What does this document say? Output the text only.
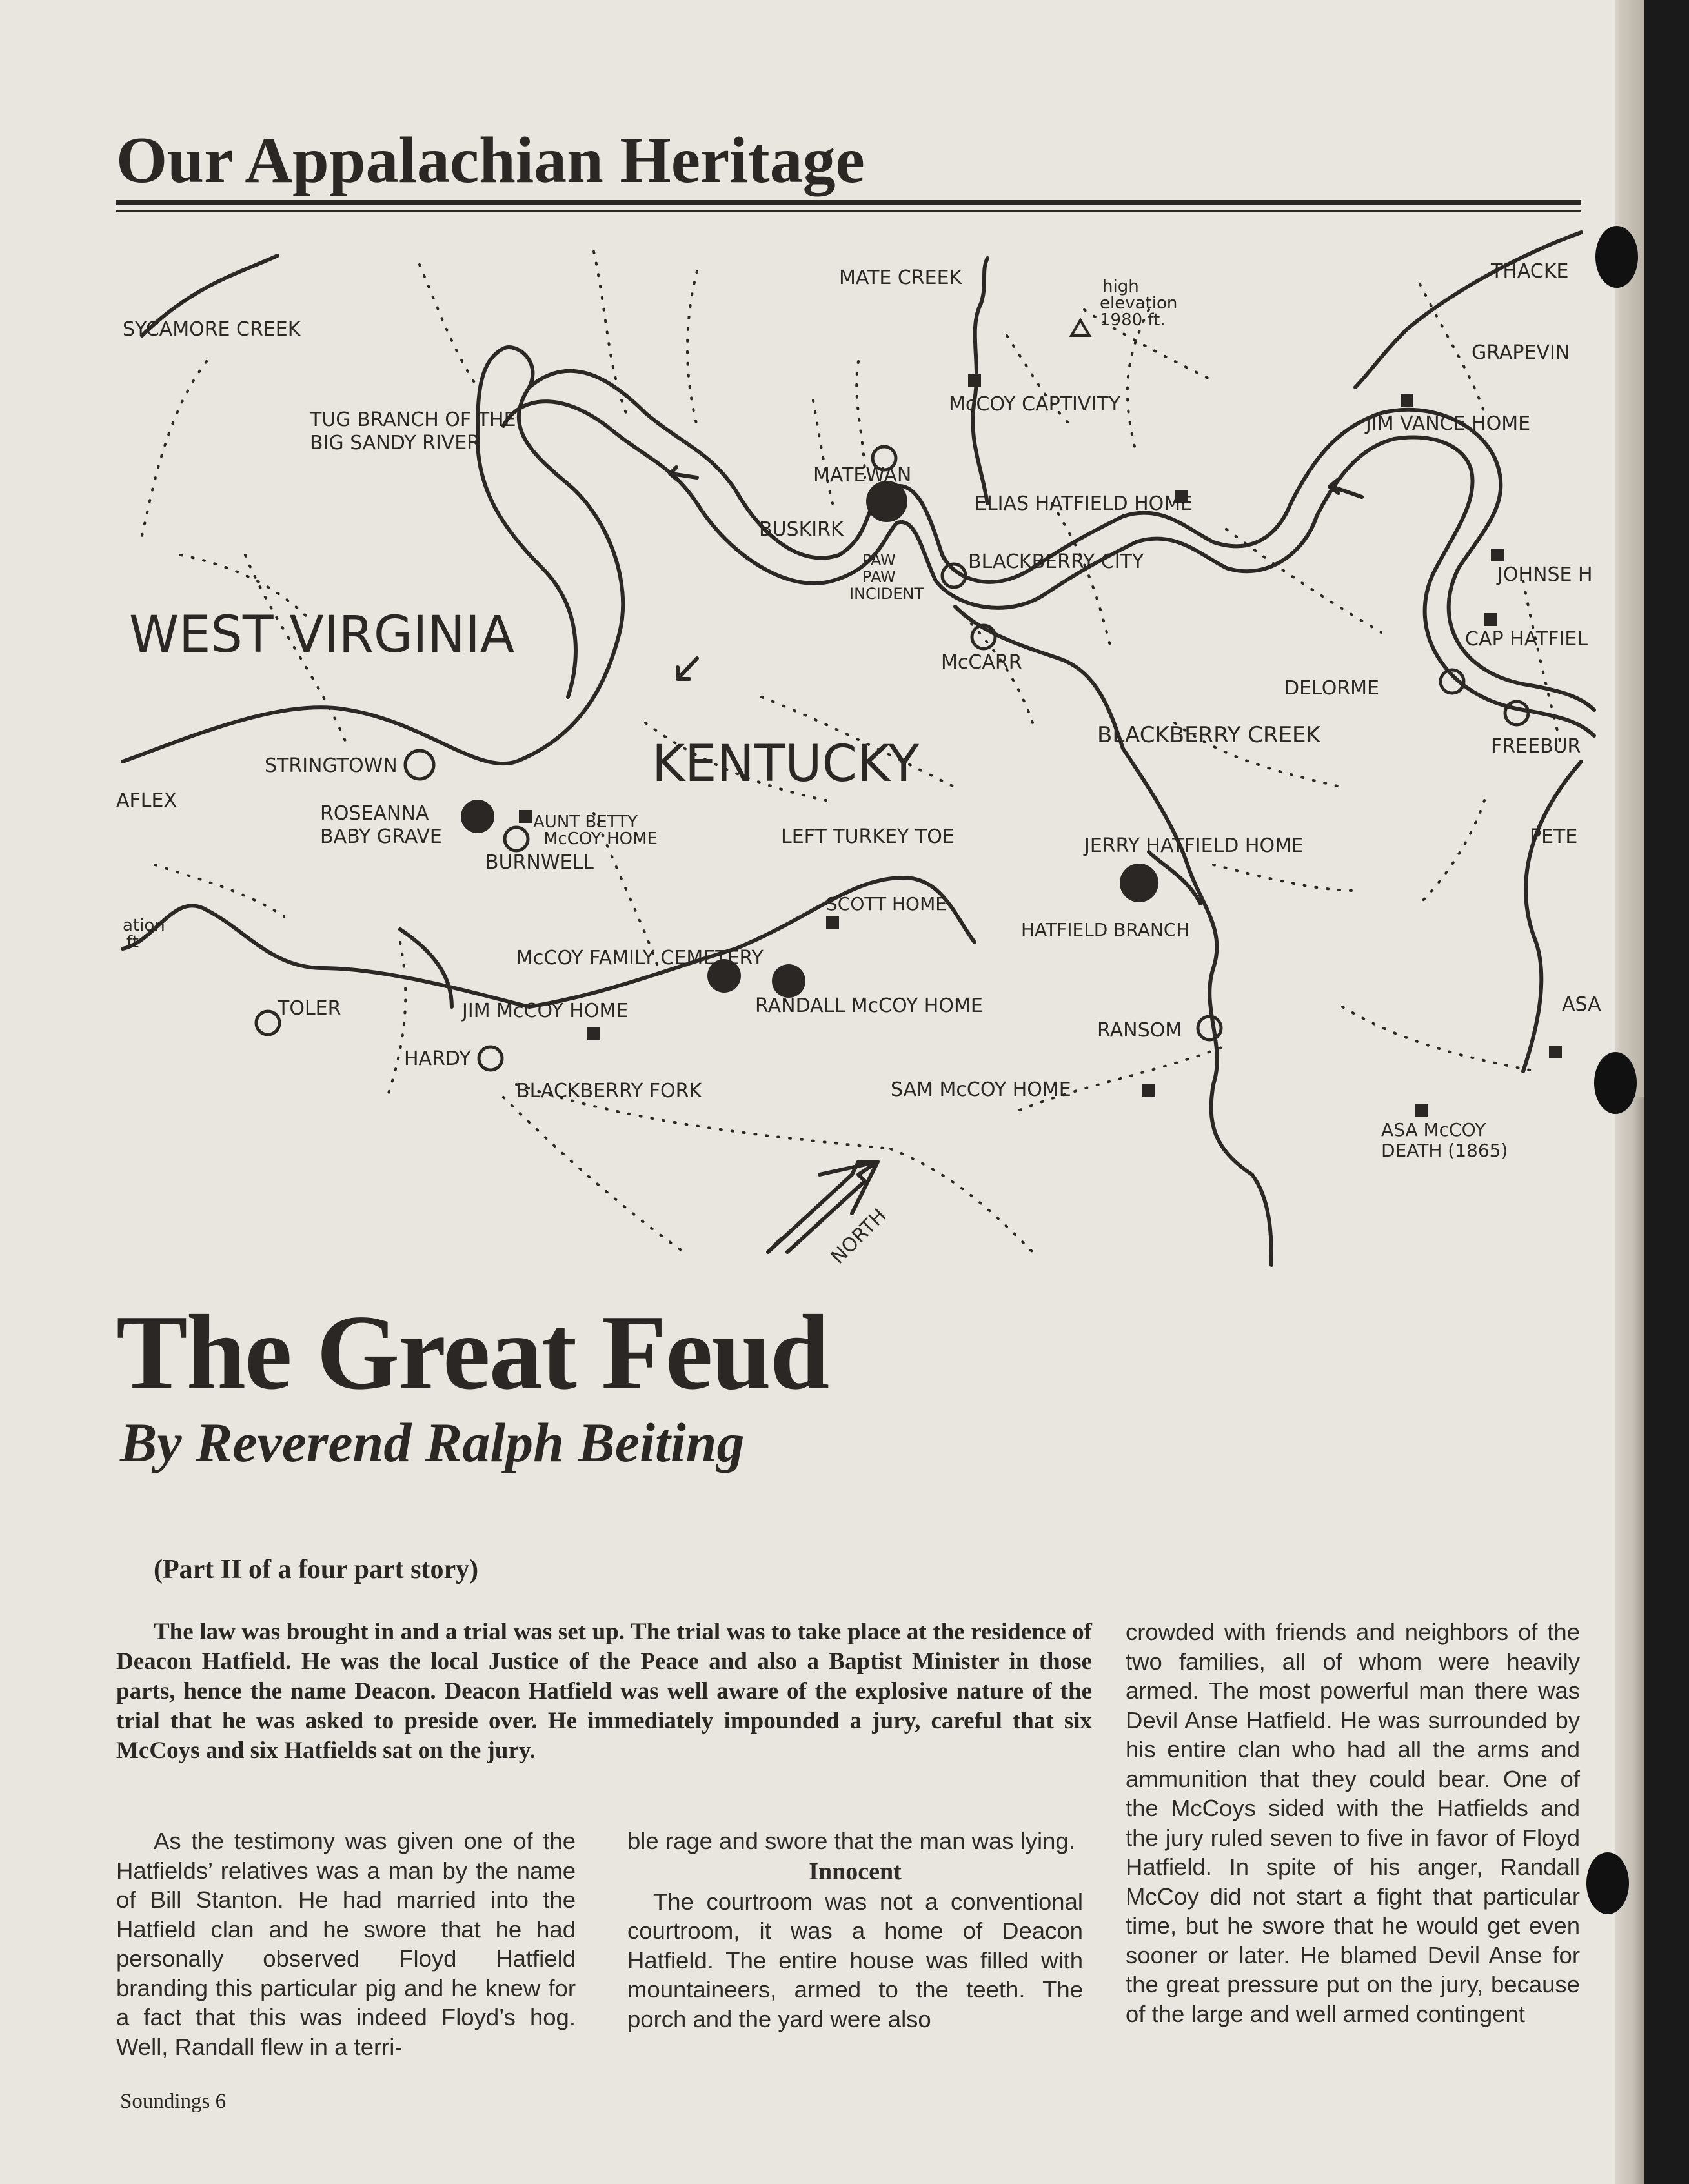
Our Appalachian Heritage
SYCAMORE CREEK
TUG BRANCH OF THE
BIG SANDY RIVER
WEST VIRGINIA
KENTUCKY
MATE CREEK	high
elevation
1980 ft.
McCOY CAPTIVITY
MATEWAN
BUSKIRK
PAW
PAW
INCIDENT
ELIAS HATFIELD HOME
BLACKBERRY CITY
McCARR
BLACKBERRY CREEK
DELORME
THACKE
GRAPEVIN
JIM VANCE HOME
JOHNSE H
CAP HATFIEL
FREEBUR
PETE
ASA
STRINGTOWN
AFLEX
ROSEANNA
BABY GRAVE
AUNT BETTY
McCOY HOME
BURNWELL
LEFT TURKEY TOE	JERRY HATFIELD HOME
HATFIELD BRANCH
SCOTT HOME
McCOY FAMILY CEMETERY
TOLER	JIM McCOY HOME	RANDALL McCOY HOME
HARDY
BLACKBERRY FORK	SAM McCOY HOME
RANSOM
ASA McCOY
DEATH (1865)
ation
ft
NORTH
The Great Feud
By Reverend Ralph Beiting

(Part II of a four part story)

The law was brought in and a trial was set up. The trial was to take place at the residence of Deacon Hatfield. He was the local Justice of the Peace and also a Baptist Minister in those parts, hence the name Deacon. Deacon Hatfield was well aware of the explosive nature of the trial that he was asked to preside over. He immediately impounded a jury, careful that six McCoys and six Hatfields sat on the jury.

As the testimony was given one of the Hatfields’ relatives was a man by the name of Bill Stanton. He had married into the Hatfield clan and he swore that he had personally observed Floyd Hatfield branding this particular pig and he knew for a fact that this was indeed Floyd’s hog. Well, Randall flew in a terri-

ble rage and swore that the man was lying.

Innocent

The courtroom was not a conventional courtroom, it was a home of Deacon Hatfield. The entire house was filled with mountaineers, armed to the teeth. The porch and the yard were also

crowded with friends and neighbors of the two families, all of whom were heavily armed. The most powerful man there was Devil Anse Hatfield. He was surrounded by his entire clan who had all the arms and ammunition that they could bear. One of the McCoys sided with the Hatfields and the jury ruled seven to five in favor of Floyd Hatfield. In spite of his anger, Randall McCoy did not start a fight that particular time, but he swore that he would get even sooner or later. He blamed Devil Anse for the great pressure put on the jury, because of the large and well armed contingent

Soundings 6
